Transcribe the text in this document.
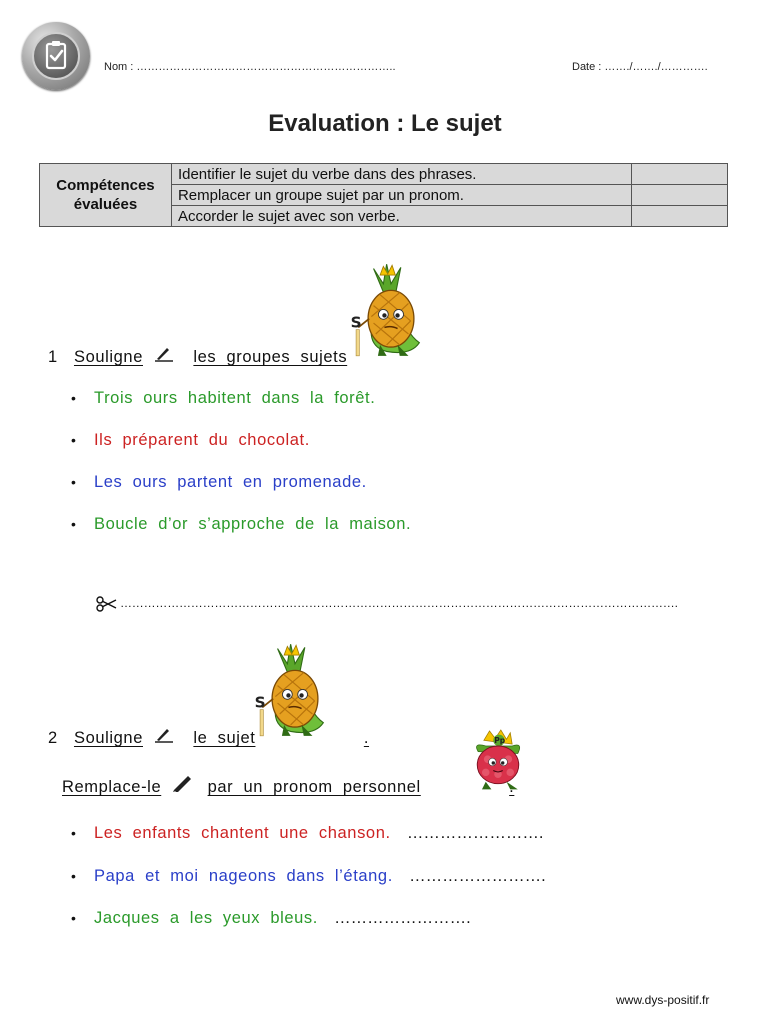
Nom : ……………………………………………………………..	Date : ……./……./………….
Evaluation : Le sujet
Compétences évaluées	Identifier le sujet du verbe dans des phrases.	
	Remplacer un groupe sujet par un pronom.	
	Accorder le sujet avec son verbe.	
1 Souligne	les groupes sujets
• Trois ours habitent dans la forêt.
• Ils préparent du chocolat.
• Les ours partent en promenade.
• Boucle d’or s’approche de la maison.
…………………………………………………………………………………………………………………………….
2 Souligne	le sujet	.
Remplace-le	par un pronom personnel	.
• Les enfants chantent une chanson. …………………….
• Papa et moi nageons dans l’étang. …………………….
• Jacques a les yeux bleus. …………………….
www.dys-positif.fr
